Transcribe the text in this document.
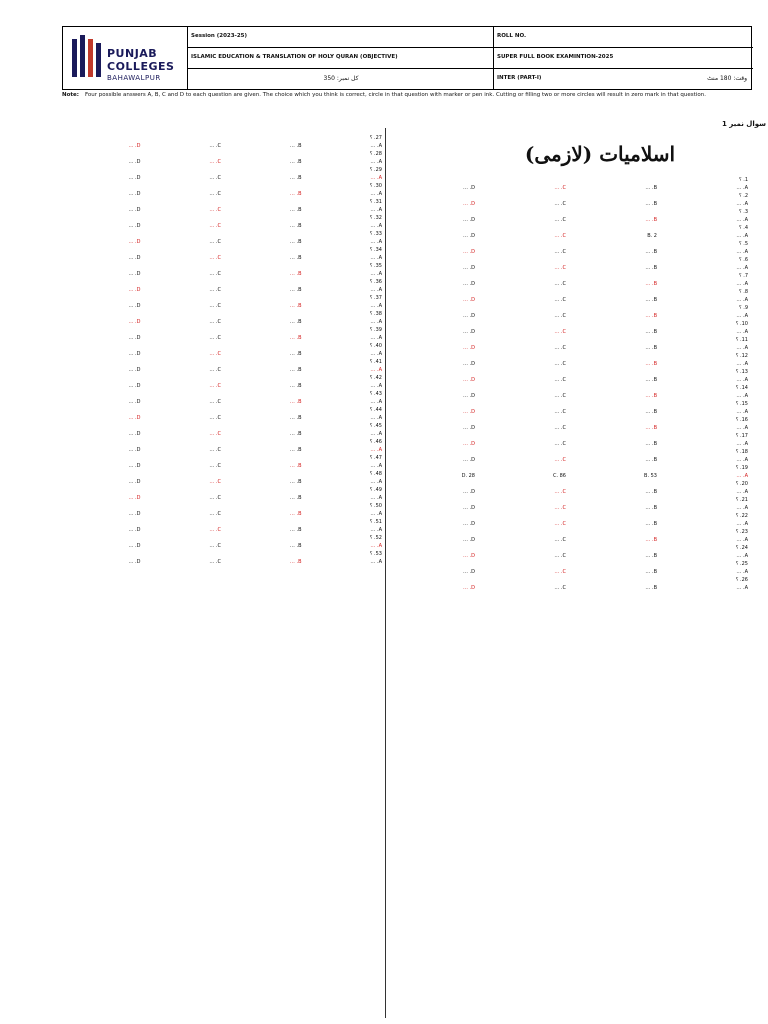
PUNJAB
COLLEGES
BAHAWALPUR
Session (2023-25)	ROLL NO.
ISLAMIC EDUCATION & TRANSLATION OF HOLY QURAN (OBJECTIVE)	SUPER FULL BOOK EXAMINTION-2025
کل نمبر: 350	INTER (PART-I)	وقت: 180 منٹ
Note: Four possible answers A, B, C and D to each question are given. The choice which you think is correct, circle in that question with marker or pen ink. Cutting or filling two or more circles will result in zero mark in that question.
سوال نمبر 1
اسلامیات (لازمی)
1. ؟
A. …
B. …
C. …
D. …
2. ؟
A. …
B. …
C. …
D. …
3. ؟
A. …
B. …
C. …
D. …
4. ؟
A. …
B. 2
C. …
D. …
5. ؟
A. …
B. …
C. …
D. …
6. ؟
A. …
B. …
C. …
D. …
7. ؟
A. …
B. …
C. …
D. …
8. ؟
A. …
B. …
C. …
D. …
9. ؟
A. …
B. …
C. …
D. …
10. ؟
A. …
B. …
C. …
D. …
11. ؟
A. …
B. …
C. …
D. …
12. ؟
A. …
B. …
C. …
D. …
13. ؟
A. …
B. …
C. …
D. …
14. ؟
A. …
B. …
C. …
D. …
15. ؟
A. …
B. …
C. …
D. …
16. ؟
A. …
B. …
C. …
D. …
17. ؟
A. …
B. …
C. …
D. …
18. ؟
A. …
B. …
C. …
D. …
19. ؟
A. …
B. 53
C. 86
D. 28
20. ؟
A. …
B. …
C. …
D. …
21. ؟
A. …
B. …
C. …
D. …
22. ؟
A. …
B. …
C. …
D. …
23. ؟
A. …
B. …
C. …
D. …
24. ؟
A. …
B. …
C. …
D. …
25. ؟
A. …
B. …
C. …
D. …
26. ؟
A. …
B. …
C. …
D. …
27. ؟
A. …
B. …
C. …
D. …
28. ؟
A. …
B. …
C. …
D. …
29. ؟
A. …
B. …
C. …
D. …
30. ؟
A. …
B. …
C. …
D. …
31. ؟
A. …
B. …
C. …
D. …
32. ؟
A. …
B. …
C. …
D. …
33. ؟
A. …
B. …
C. …
D. …
34. ؟
A. …
B. …
C. …
D. …
35. ؟
A. …
B. …
C. …
D. …
36. ؟
A. …
B. …
C. …
D. …
37. ؟
A. …
B. …
C. …
D. …
38. ؟
A. …
B. …
C. …
D. …
39. ؟
A. …
B. …
C. …
D. …
40. ؟
A. …
B. …
C. …
D. …
41. ؟
A. …
B. …
C. …
D. …
42. ؟
A. …
B. …
C. …
D. …
43. ؟
A. …
B. …
C. …
D. …
44. ؟
A. …
B. …
C. …
D. …
45. ؟
A. …
B. …
C. …
D. …
46. ؟
A. …
B. …
C. …
D. …
47. ؟
A. …
B. …
C. …
D. …
48. ؟
A. …
B. …
C. …
D. …
49. ؟
A. …
B. …
C. …
D. …
50. ؟
A. …
B. …
C. …
D. …
51. ؟
A. …
B. …
C. …
D. …
52. ؟
A. …
B. …
C. …
D. …
53. ؟
A. …
B. …
C. …
D. …
